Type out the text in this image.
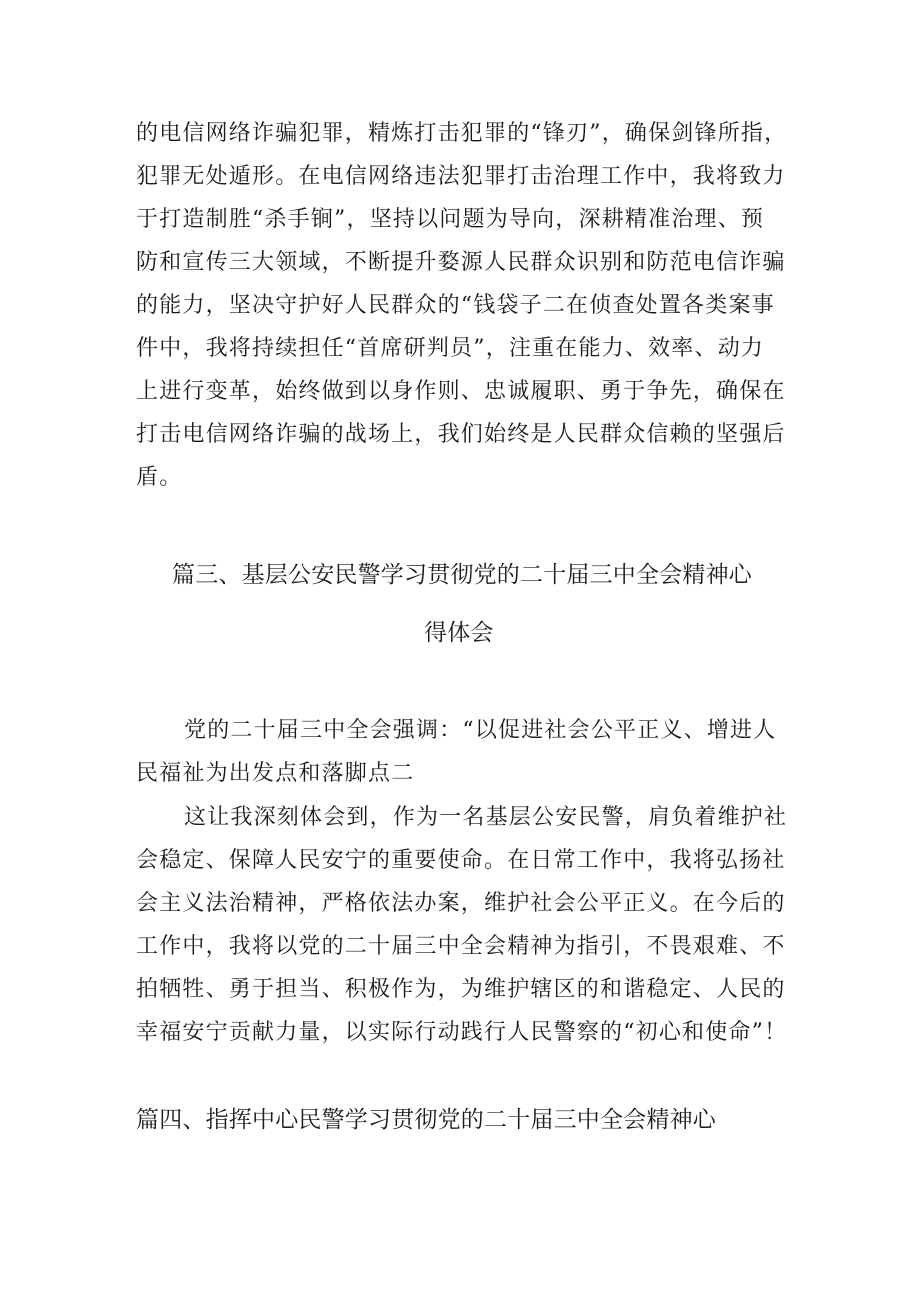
的电信网络诈骗犯罪，精炼打击犯罪的“锋刃”，确保剑锋所指，
犯罪无处遁形。在电信网络违法犯罪打击治理工作中，我将致力
于打造制胜“杀手锏”，坚持以问题为导向，深耕精准治理、预
防和宣传三大领域，不断提升婺源人民群众识别和防范电信诈骗
的能力，坚决守护好人民群众的“钱袋子二在侦查处置各类案事
件中，我将持续担任“首席研判员”，注重在能力、效率、动力
上进行变革，始终做到以身作则、忠诚履职、勇于争先，确保在
打击电信网络诈骗的战场上，我们始终是人民群众信赖的坚强后
盾。
篇三、基层公安民警学习贯彻党的二十届三中全会精神心
得体会
党的二十届三中全会强调：“以促进社会公平正义、增进人
民福祉为出发点和落脚点二
这让我深刻体会到，作为一名基层公安民警，肩负着维护社
会稳定、保障人民安宁的重要使命。在日常工作中，我将弘扬社
会主义法治精神，严格依法办案，维护社会公平正义。在今后的
工作中，我将以党的二十届三中全会精神为指引，不畏艰难、不
拍牺牲、勇于担当、积极作为，为维护辖区的和谐稳定、人民的
幸福安宁贡献力量，以实际行动践行人民警察的“初心和使命”！
篇四、指挥中心民警学习贯彻党的二十届三中全会精神心
